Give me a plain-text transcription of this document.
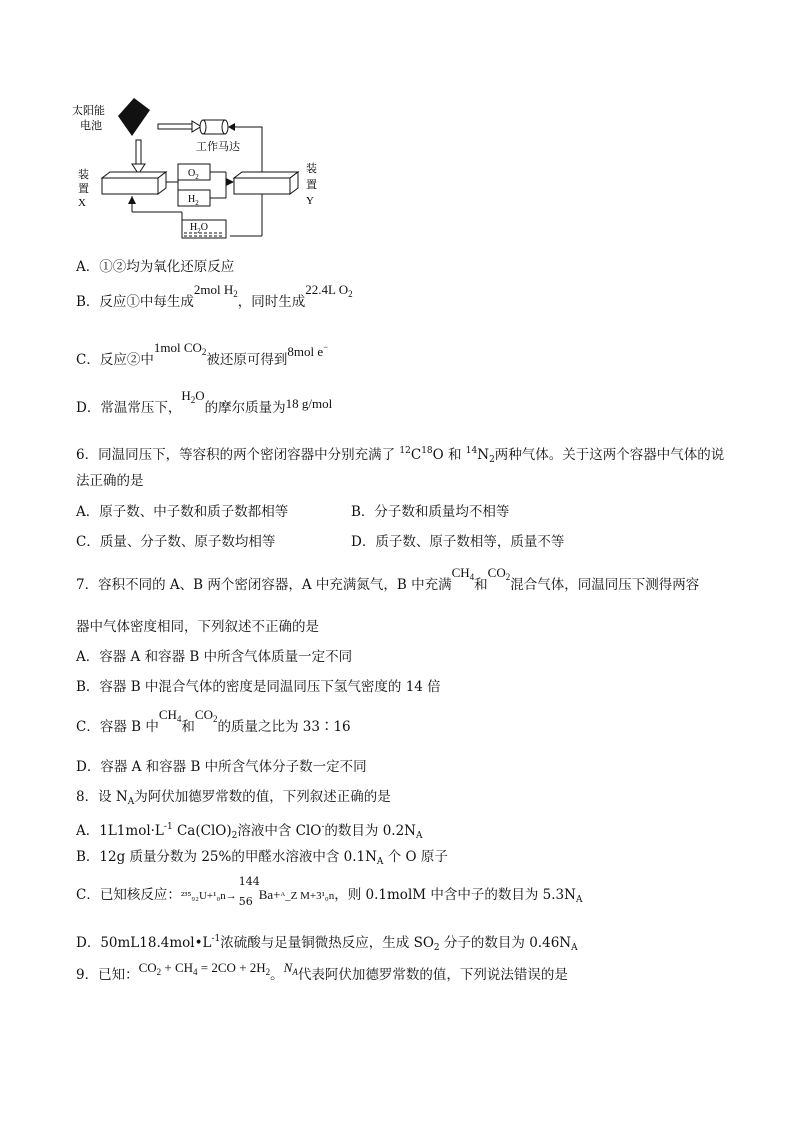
太阳能
电池
工作马达
装置 X
$O_2$
$H_2$
装置 Y
$H_2O$
A．①②均为氧化还原反应
B．反应①中每生成2mol $H_2$，同时生成22.4L $O_2$
C．反应②中1mol $CO_2$被还原可得到8mol e−
D．常温常压下，$H_2O$的摩尔质量为18 g/mol
6．同温同压下，等容积的两个密闭容器中分别充满了 $^{12}C^{18}O$ 和 $^{14}N_2$两种气体。关于这两个容器中气体的说
法正确的是
A．原子数、中子数和质子数都相等	B．分子数和质量均不相等
C．质量、分子数、原子数均相等	D．质子数、原子数相等，质量不等
7．容积不同的 A、B 两个密闭容器，A 中充满氮气，B 中充满$CH_4$和$CO_2$混合气体，同温同压下测得两容
器中气体密度相同，下列叙述不正确的是
A．容器 A 和容器 B 中所含气体质量一定不同
B．容器 B 中混合气体的密度是同温同压下氢气密度的 14 倍
C．容器 B 中$CH_4$和$CO_2$的质量之比为 33∶16
D．容器 A 和容器 B 中所含气体分子数一定不同
8．设 $N_A$为阿伏加德罗常数的值，下列叙述正确的是
A．$1L1mol\cdot L^{-1}$ $Ca(ClO)_2$溶液中含 ClO-的数目为 $0.2N_A$
B．12g 质量分数为 25%的甲醛水溶液中含 $0.1N_A$ 个 O 原子
C．已知核反应：²³⁵₉₂U+¹₀n→
144
56 Ba+ᴬ_Z M+3¹₀n，则 0.1molM 中含中子的数目为 $5.3N_A$
D．$50mL18.4mol•L^{-1}$浓硫酸与足量铜微热反应，生成 $SO_2$ 分子的数目为 $0.46N_A$
9．已知：$CO_2 + CH_4 = 2CO + 2H_2$。$N_A$代表阿伏加德罗常数的值，下列说法错误的是
